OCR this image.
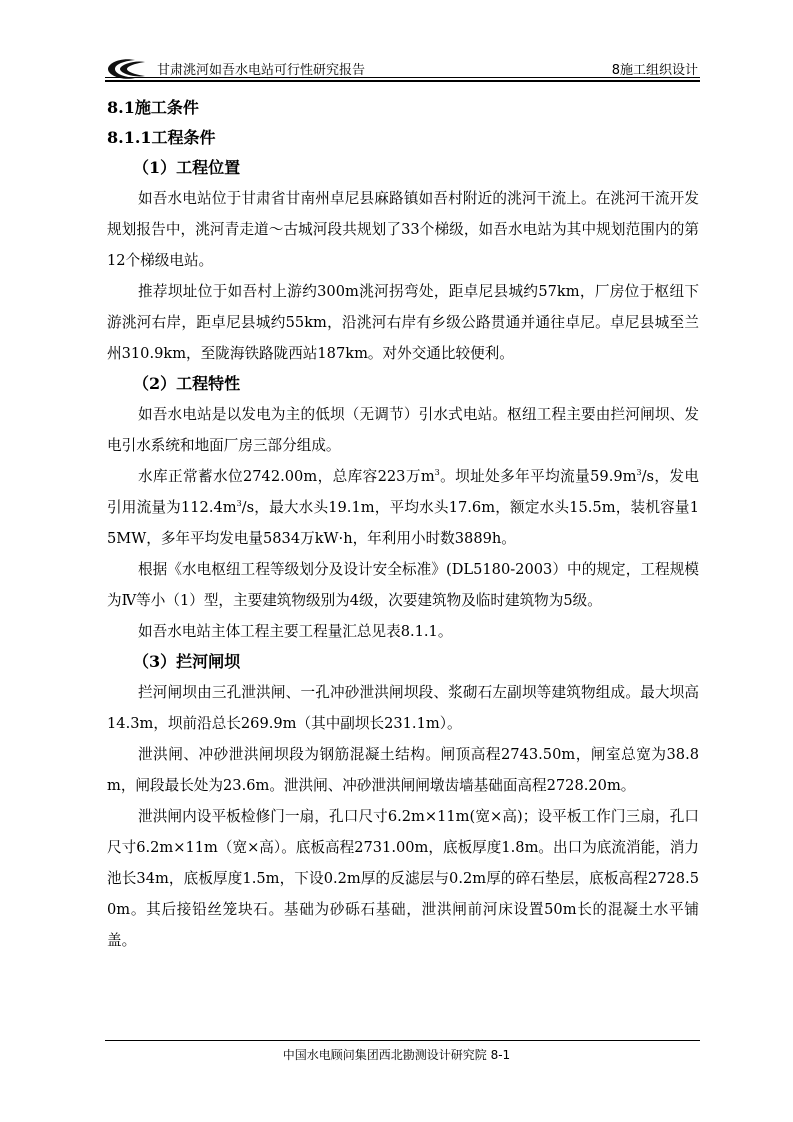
甘肃洮河如吾水电站可行性研究报告	8施工组织设计

8.1施工条件

8.1.1工程条件

（1）工程位置

如吾水电站位于甘肃省甘南州卓尼县麻路镇如吾村附近的洮河干流上。在洮河干流开发规划报告中，洮河青走道～古城河段共规划了33个梯级，如吾水电站为其中规划范围内的第12个梯级电站。

推荐坝址位于如吾村上游约300m洮河拐弯处，距卓尼县城约57km，厂房位于枢纽下游洮河右岸，距卓尼县城约55km，沿洮河右岸有乡级公路贯通并通往卓尼。卓尼县城至兰州310.9km，至陇海铁路陇西站187km。对外交通比较便利。

（2）工程特性

如吾水电站是以发电为主的低坝（无调节）引水式电站。枢纽工程主要由拦河闸坝、发电引水系统和地面厂房三部分组成。

水库正常蓄水位2742.00m，总库容223万$m^3$。坝址处多年平均流量$59.9m^3/s$，发电引用流量为$112.4m^3/s$，最大水头19.1m，平均水头17.6m，额定水头15.5m，装机容量15MW，多年平均发电量5834万kW·h，年利用小时数3889h。

根据《水电枢纽工程等级划分及设计安全标准》(DL5180-2003）中的规定，工程规模为Ⅳ等小（1）型，主要建筑物级别为4级，次要建筑物及临时建筑物为5级。

如吾水电站主体工程主要工程量汇总见表8.1.1。

（3）拦河闸坝

拦河闸坝由三孔泄洪闸、一孔冲砂泄洪闸坝段、浆砌石左副坝等建筑物组成。最大坝高14.3m，坝前沿总长269.9m（其中副坝长231.1m）。

泄洪闸、冲砂泄洪闸坝段为钢筋混凝土结构。闸顶高程2743.50m，闸室总宽为38.8m，闸段最长处为23.6m。泄洪闸、冲砂泄洪闸闸墩齿墙基础面高程2728.20m。

泄洪闸内设平板检修门一扇，孔口尺寸6.2m×11m(宽×高)；设平板工作门三扇，孔口尺寸6.2m×11m（宽×高）。底板高程2731.00m，底板厚度1.8m。出口为底流消能，消力池长34m，底板厚度1.5m，下设0.2m厚的反滤层与0.2m厚的碎石垫层，底板高程2728.50m。其后接铅丝笼块石。基础为砂砾石基础，泄洪闸前河床设置50m长的混凝土水平铺盖。

中国水电顾问集团西北勘测设计研究院 8-1
